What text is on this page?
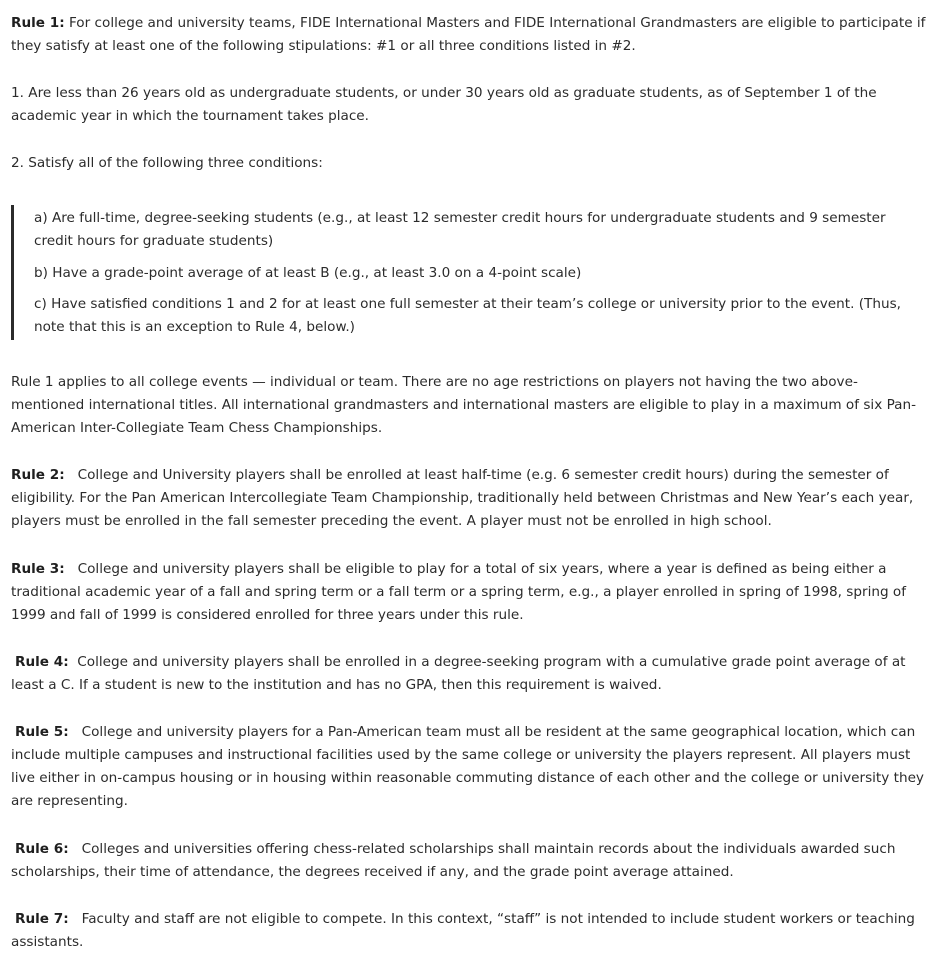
Rule 1: For college and university teams, FIDE International Masters and FIDE International Grandmasters are eligible to participate if they satisfy at least one of the following stipulations: #1 or all three conditions listed in #2.

1. Are less than 26 years old as undergraduate students, or under 30 years old as graduate students, as of September 1 of the academic year in which the tournament takes place.

2. Satisfy all of the following three conditions:

a) Are full-time, degree-seeking students (e.g., at least 12 semester credit hours for undergraduate students and 9 semester credit hours for graduate students)

b) Have a grade-point average of at least B (e.g., at least 3.0 on a 4-point scale)

c) Have satisfied conditions 1 and 2 for at least one full semester at their team’s college or university prior to the event. (Thus, note that this is an exception to Rule 4, below.)

Rule 1 applies to all college events — individual or team. There are no age restrictions on players not having the two above-mentioned international titles. All international grandmasters and international masters are eligible to play in a maximum of six Pan-American Inter-Collegiate Team Chess Championships.

Rule 2:   College and University players shall be enrolled at least half-time (e.g. 6 semester credit hours) during the semester of eligibility. For the Pan American Intercollegiate Team Championship, traditionally held between Christmas and New Year’s each year, players must be enrolled in the fall semester preceding the event. A player must not be enrolled in high school.

Rule 3:   College and university players shall be eligible to play for a total of six years, where a year is defined as being either a traditional academic year of a fall and spring term or a fall term or a spring term, e.g., a player enrolled in spring of 1998, spring of 1999 and fall of 1999 is considered enrolled for three years under this rule.

Rule 4:  College and university players shall be enrolled in a degree-seeking program with a cumulative grade point average of at least a C. If a student is new to the institution and has no GPA, then this requirement is waived.

Rule 5:   College and university players for a Pan-American team must all be resident at the same geographical location, which can include multiple campuses and instructional facilities used by the same college or university the players represent. All players must live either in on-campus housing or in housing within reasonable commuting distance of each other and the college or university they are representing.

Rule 6:   Colleges and universities offering chess-related scholarships shall maintain records about the individuals awarded such scholarships, their time of attendance, the degrees received if any, and the grade point average attained.

Rule 7:   Faculty and staff are not eligible to compete. In this context, “staff” is not intended to include student workers or teaching assistants.
